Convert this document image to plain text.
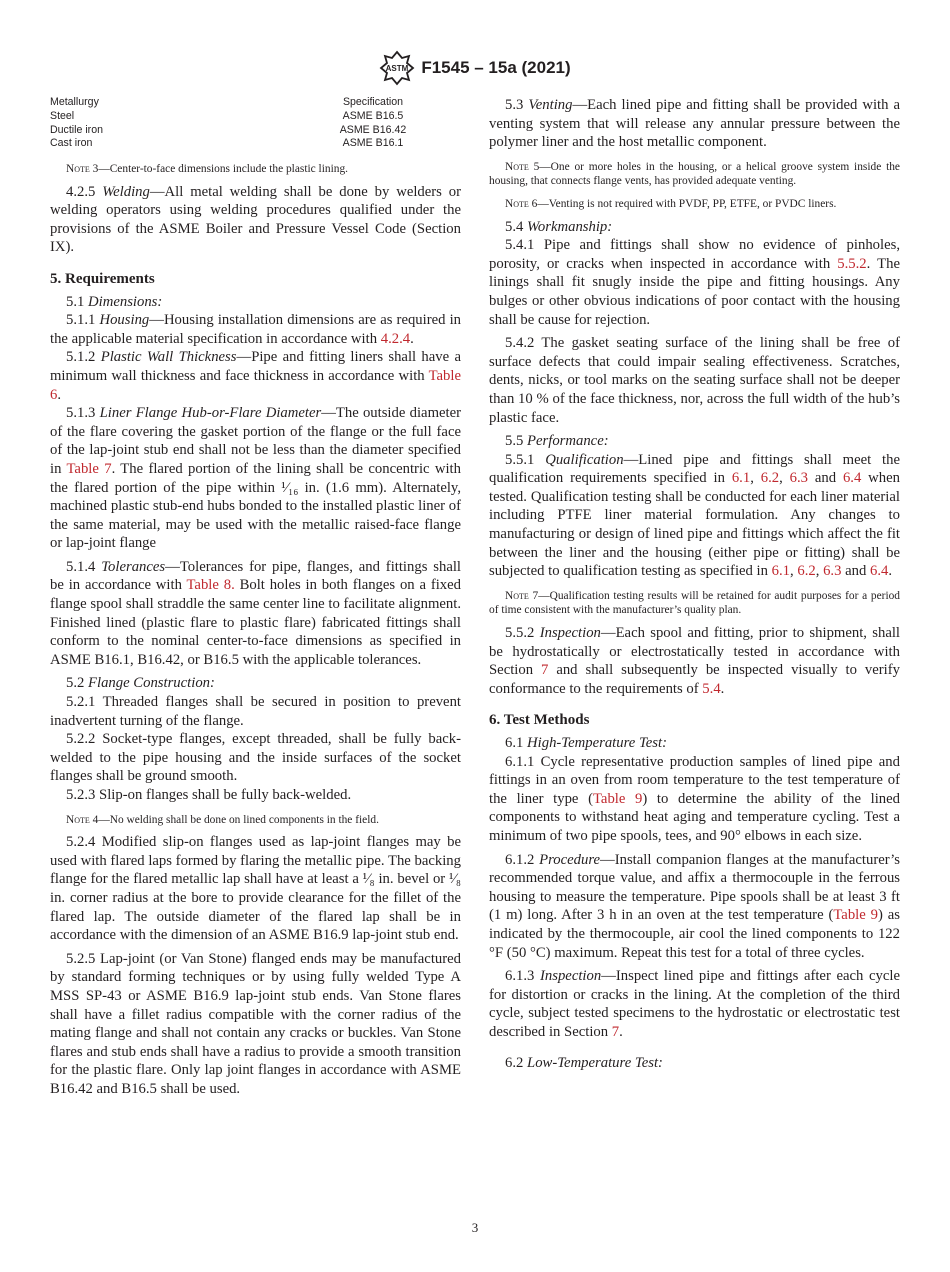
ASTM F1545 – 15a (2021)
Metallurgy	Specification
Steel	ASME B16.5
Ductile iron	ASME B16.42
Cast iron	ASME B16.1
Note 3—Center-to-face dimensions include the plastic lining.

4.2.5 Welding—All metal welding shall be done by welders or welding operators using welding procedures qualified under the provisions of the ASME Boiler and Pressure Vessel Code (Section IX).

5. Requirements

5.1 Dimensions:

5.1.1 Housing—Housing installation dimensions are as required in the applicable material specification in accordance with 4.2.4.

5.1.2 Plastic Wall Thickness—Pipe and fitting liners shall have a minimum wall thickness and face thickness in accordance with Table 6.

5.1.3 Liner Flange Hub-or-Flare Diameter—The outside diameter of the flare covering the gasket portion of the flange or the full face of the lap-joint stub end shall not be less than the diameter specified in Table 7. The flared portion of the lining shall be concentric with the flared portion of the pipe within ¹⁄₁₆ in. (1.6 mm). Alternately, machined plastic stub-end hubs bonded to the installed plastic liner of the same material, may be used with the metallic raised-face flange or lap-joint flange

5.1.4 Tolerances—Tolerances for pipe, flanges, and fittings shall be in accordance with Table 8. Bolt holes in both flanges on a fixed flange spool shall straddle the same center line to facilitate alignment. Finished lined (plastic flare to plastic flare) fabricated fittings shall conform to the nominal center-to-face dimensions as specified in ASME B16.1, B16.42, or B16.5 with the applicable tolerances.

5.2 Flange Construction:

5.2.1 Threaded flanges shall be secured in position to prevent inadvertent turning of the flange.

5.2.2 Socket-type flanges, except threaded, shall be fully back-welded to the pipe housing and the inside surfaces of the socket flanges shall be ground smooth.

5.2.3 Slip-on flanges shall be fully back-welded.

Note 4—No welding shall be done on lined components in the field.

5.2.4 Modified slip-on flanges used as lap-joint flanges may be used with flared laps formed by flaring the metallic pipe. The backing flange for the flared metallic lap shall have at least a ¹⁄₈ in. bevel or ¹⁄₈ in. corner radius at the bore to provide clearance for the fillet of the flared lap. The outside diameter of the flared lap shall be in accordance with the dimension of an ASME B16.9 lap-joint stub end.

5.2.5 Lap-joint (or Van Stone) flanged ends may be manufactured by standard forming techniques or by using fully welded Type A MSS SP-43 or ASME B16.9 lap-joint stub ends. Van Stone flares shall have a fillet radius compatible with the corner radius of the mating flange and shall not contain any cracks or buckles. Van Stone flares and stub ends shall have a radius to provide a smooth transition for the plastic flare. Only lap joint flanges in accordance with ASME B16.42 and B16.5 shall be used.

5.3 Venting—Each lined pipe and fitting shall be provided with a venting system that will release any annular pressure between the polymer liner and the host metallic component.

Note 5—One or more holes in the housing, or a helical groove system inside the housing, that connects flange vents, has provided adequate venting.
Note 6—Venting is not required with PVDF, PP, ETFE, or PVDC liners.

5.4 Workmanship:

5.4.1 Pipe and fittings shall show no evidence of pinholes, porosity, or cracks when inspected in accordance with 5.5.2. The linings shall fit snugly inside the pipe and fitting housings. Any bulges or other obvious indications of poor contact with the housing shall be cause for rejection.

5.4.2 The gasket seating surface of the lining shall be free of surface defects that could impair sealing effectiveness. Scratches, dents, nicks, or tool marks on the seating surface shall not be deeper than 10 % of the face thickness, nor, across the full width of the hub’s plastic face.

5.5 Performance:

5.5.1 Qualification—Lined pipe and fittings shall meet the qualification requirements specified in 6.1, 6.2, 6.3 and 6.4 when tested. Qualification testing shall be conducted for each liner material including PTFE liner material formulation. Any changes to manufacturing or design of lined pipe and fittings which affect the fit between the liner and the housing (either pipe or fitting) shall be subjected to qualification testing as specified in 6.1, 6.2, 6.3 and 6.4.

Note 7—Qualification testing results will be retained for audit purposes for a period of time consistent with the manufacturer’s quality plan.

5.5.2 Inspection—Each spool and fitting, prior to shipment, shall be hydrostatically or electrostatically tested in accordance with Section 7 and shall subsequently be inspected visually to verify conformance to the requirements of 5.4.

6. Test Methods

6.1 High-Temperature Test:

6.1.1 Cycle representative production samples of lined pipe and fittings in an oven from room temperature to the test temperature of the liner type (Table 9) to determine the ability of the lined components to withstand heat aging and temperature cycling. Test a minimum of two pipe spools, tees, and 90° elbows in each size.

6.1.2 Procedure—Install companion flanges at the manufacturer’s recommended torque value, and affix a thermocouple in the ferrous housing to measure the temperature. Pipe spools shall be at least 3 ft (1 m) long. After 3 h in an oven at the test temperature (Table 9) as indicated by the thermocouple, air cool the lined components to 122 °F (50 °C) maximum. Repeat this test for a total of three cycles.

6.1.3 Inspection—Inspect lined pipe and fittings after each cycle for distortion or cracks in the lining. At the completion of the third cycle, subject tested specimens to the hydrostatic or electrostatic test described in Section 7.

6.2 Low-Temperature Test:

3
